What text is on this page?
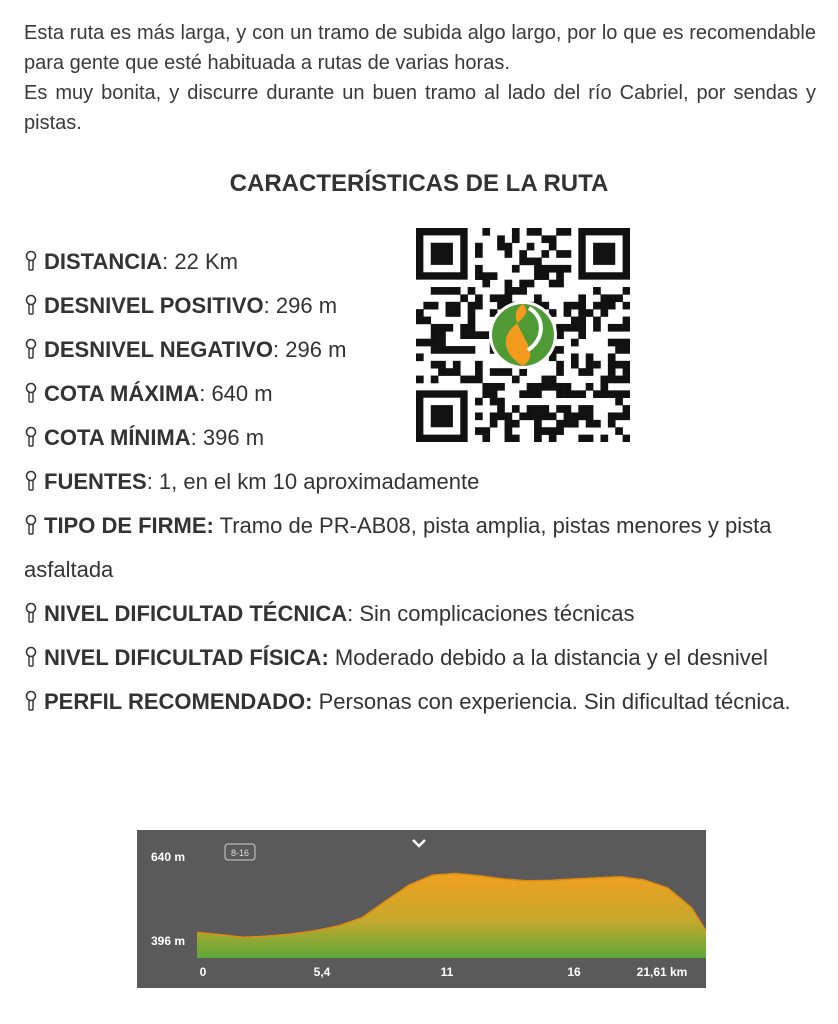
Esta ruta es más larga, y con un tramo de subida algo largo, por lo que es recomendable para gente que esté habituada a rutas de varias horas.

Es muy bonita, y discurre durante un buen tramo al lado del río Cabriel, por sendas y pistas.

CARACTERÍSTICAS DE LA RUTA
DISTANCIA: 22 Km
DESNIVEL POSITIVO: 296 m
DESNIVEL NEGATIVO: 296 m
COTA MÁXIMA: 640 m
COTA MÍNIMA: 396 m
FUENTES: 1, en el km 10 aproximadamente
TIPO DE FIRME: Tramo de PR-AB08, pista amplia, pistas menores y pista asfaltada
NIVEL DIFICULTAD TÉCNICA: Sin complicaciones técnicas
NIVEL DIFICULTAD FÍSICA: Moderado debido a la distancia y el desnivel
PERFIL RECOMENDADO: Personas con experiencia. Sin dificultad técnica.
640 m
396 m
8-16
0	5,4	11	16	21,61 km
